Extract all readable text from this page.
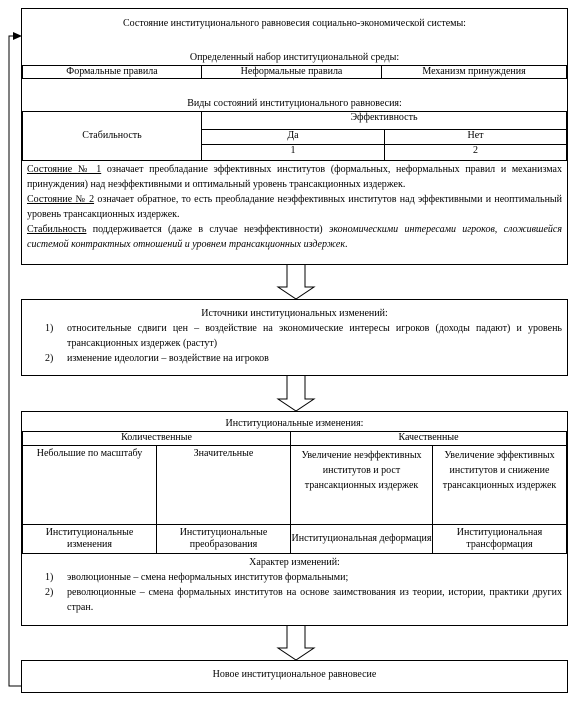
Состояние институционального равновесия социально-экономической системы:
Определенный набор институциональной среды:
Формальные правила	Неформальные правила	Механизм принуждения
Виды состояний институционального равновесия:
Стабильность	Эффективность	
	Да	Нет
	1	2
Состояние № 1 означает преобладание эффективных институтов (формальных, неформальных правил и механизмах принуждения) над неэффективными и оптимальный уровень трансакционных издержек.
Состояние № 2 означает обратное, то есть преобладание неэффективных институтов над эффективными и неоптимальный уровень трансакционных издержек.
Стабильность поддерживается (даже в случае неэффективности) экономическими интересами игроков, сложившейся системой контрактных отношений и уровнем трансакционных издержек.
Источники институциональных изменений:
1) относительные сдвиги цен – воздействие на экономические интересы игроков (доходы падают) и уровень трансакционных издержек (растут)
2) изменение идеологии – воздействие на игроков
Институциональные изменения:
Количественные		Качественные	
Небольшие по масштабу	Значительные	Увеличение неэффективных институтов и рост трансакционных издержек	Увеличение эффективных институтов и снижение трансакционных издержек
Институциональные изменения	Институциональные преобразования	Институциональная деформация	Институциональная трансформация
Характер изменений:
1) эволюционные – смена неформальных институтов формальными;
2) революционные – смена формальных институтов на основе заимствования из теории, истории, практики других стран.
Новое институциональное равновесие
